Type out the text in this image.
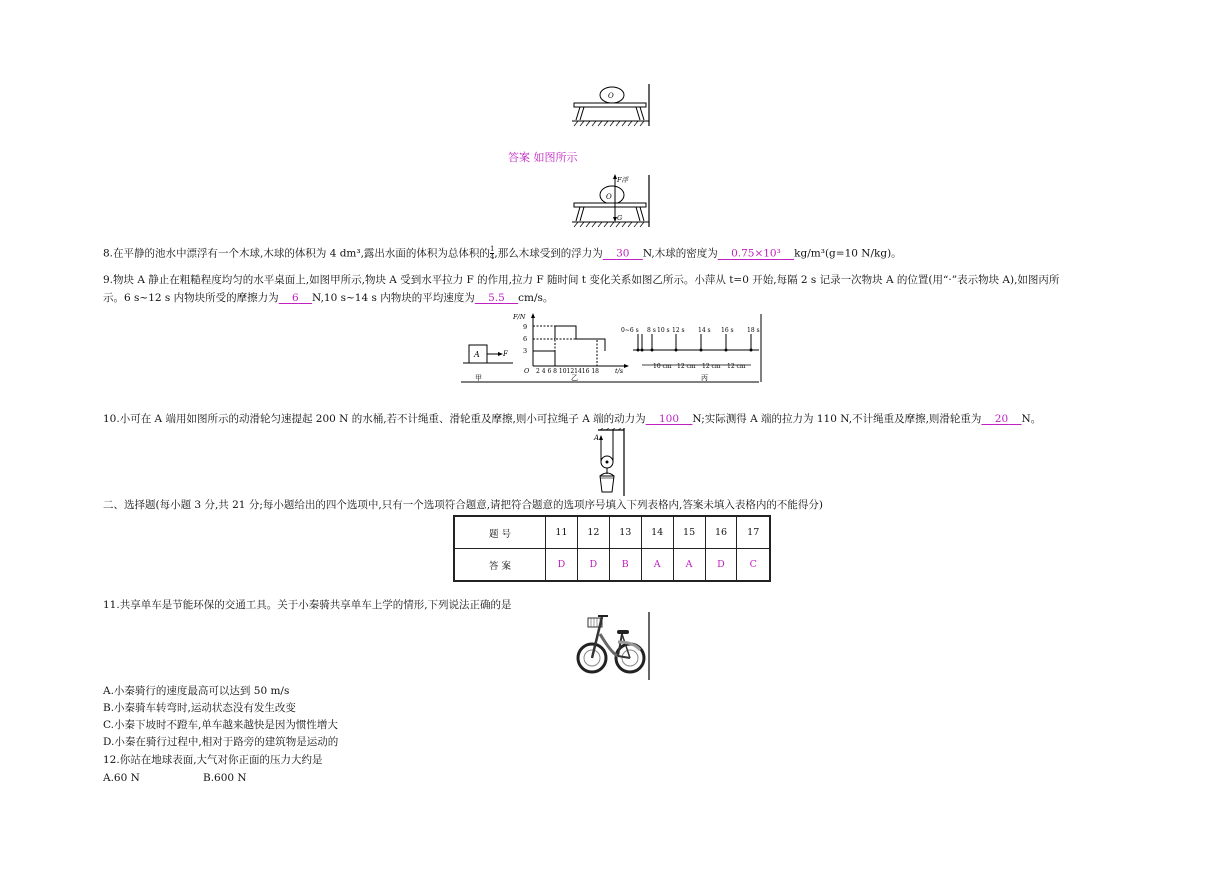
O
答案 如图所示
F浮
O
G
8.在平静的池水中漂浮有一个木球,木球的体积为 4 dm³,露出水面的体积为总体积的 $\frac{1}{4}$ ,那么木球受到的浮力为 30 N,木球的密度为 0.75×10³ kg/m³(g=10 N/kg)。
9.物块 A 静止在粗糙程度均匀的水平桌面上,如图甲所示,物块 A 受到水平拉力 F 的作用,拉力 F 随时间 t 变化关系如图乙所示。小萍从 t=0 开始,每隔 2 s 记录一次物块 A 的位置(用“·”表示物块 A),如图丙所
示。6 s~12 s 内物块所受的摩擦力为 6 N,10 s~14 s 内物块的平均速度为 5.5 cm/s。
A	F
甲
F/N
9
6
3
O 2 4 6 8 10121416 18 t/s
乙
0~6 s 8 s 10 s 12 s 14 s 16 s 18 s
10 cm 12 cm 12 cm 12 cm
丙
10.小可在 A 端用如图所示的动滑轮匀速提起 200 N 的水桶,若不计绳重、滑轮重及摩擦,则小可拉绳子 A 端的动力为 100 N;实际测得 A 端的拉力为 110 N,不计绳重及摩擦,则滑轮重为 20 N。
A
二、选择题(每小题 3 分,共 21 分;每小题给出的四个选项中,只有一个选项符合题意,请把符合题意的选项序号填入下列表格内,答案未填入表格内的不能得分)
题 号	11	12	13	14	15	16	17
答 案	D	D	B	A	A	D	C
11.共享单车是节能环保的交通工具。关于小秦骑共享单车上学的情形,下列说法正确的是
A.小秦骑行的速度最高可以达到 50 m/s
B.小秦骑车转弯时,运动状态没有发生改变
C.小秦下坡时不蹬车,单车越来越快是因为惯性增大
D.小秦在骑行过程中,相对于路旁的建筑物是运动的
12.你站在地球表面,大气对你正面的压力大约是
A.60 N	B.600 N
